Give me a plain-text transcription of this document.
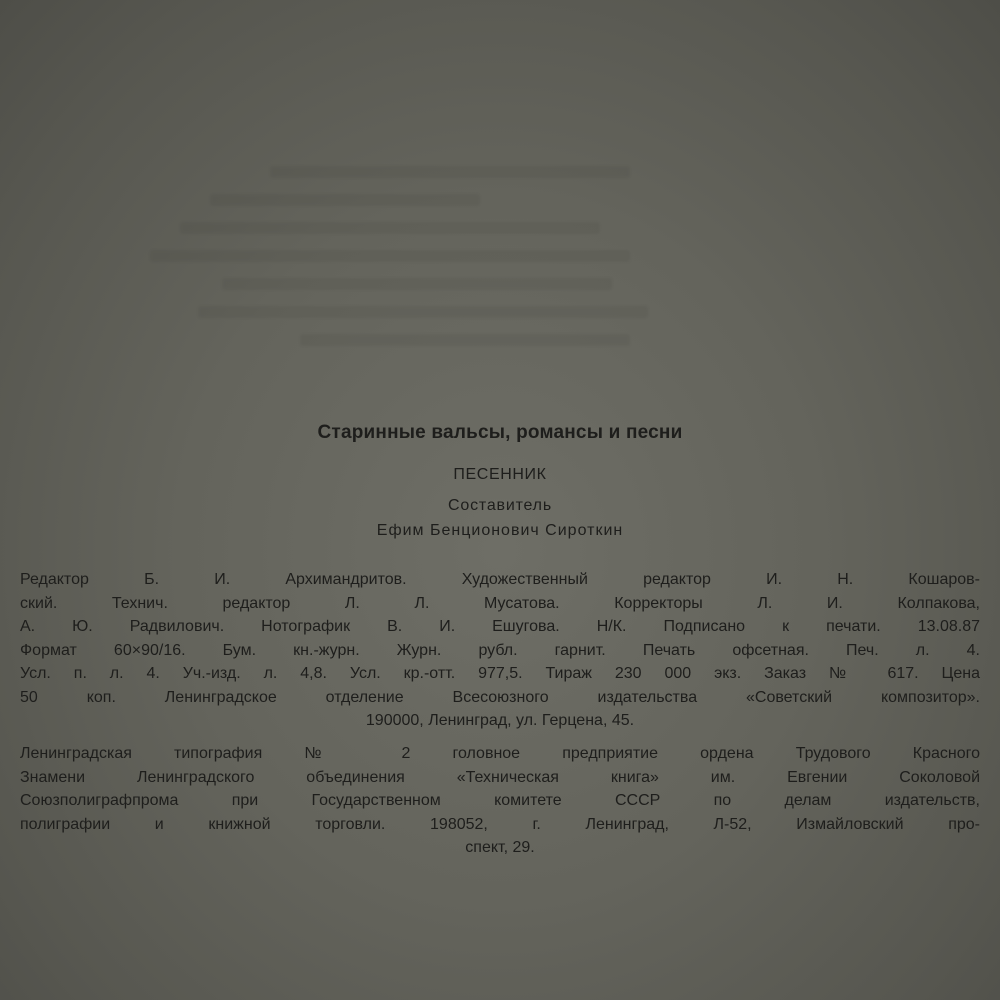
Старинные вальсы, романсы и песни
ПЕСЕННИК
Составитель
Ефим Бенционович Сироткин
Редактор Б. И. Архимандритов. Художественный редактор И. Н. Кошаров-
ский. Технич. редактор Л. Л. Мусатова. Корректоры Л. И. Колпакова,
А. Ю. Радвилович. Нотографик В. И. Ешугова. Н/К. Подписано к печати. 13.08.87
Формат 60×90/16. Бум. кн.-журн. Журн. рубл. гарнит. Печать офсетная. Печ. л. 4.
Усл. п. л. 4. Уч.-изд. л. 4,8. Усл. кр.-отт. 977,5. Тираж 230 000 экз. Заказ № 617. Цена
50 коп. Ленинградское отделение Всесоюзного издательства «Советский композитор».
190000, Ленинград, ул. Герцена, 45.
Ленинградская типография № 2 головное предприятие ордена Трудового Красного
Знамени Ленинградского объединения «Техническая книга» им. Евгении Соколовой
Союзполиграфпрома при Государственном комитете СССР по делам издательств,
полиграфии и книжной торговли. 198052, г. Ленинград, Л-52, Измайловский про-
спект, 29.
